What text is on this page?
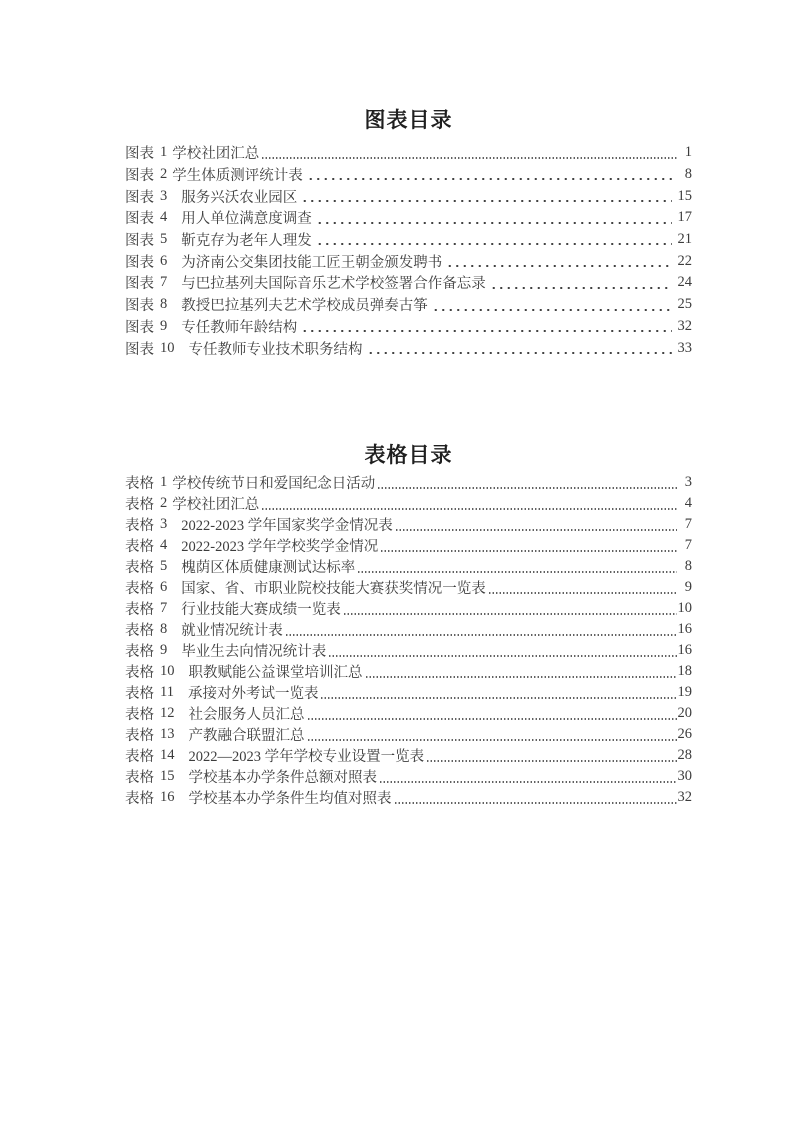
图表目录
图表 1 学校社团汇总	1
图表 2 学生体质测评统计表	8
图表 3 服务兴沃农业园区	15
图表 4 用人单位满意度调查	17
图表 5 靳克存为老年人理发	21
图表 6 为济南公交集团技能工匠王朝金颁发聘书	22
图表 7 与巴拉基列夫国际音乐艺术学校签署合作备忘录	24
图表 8 教授巴拉基列夫艺术学校成员弹奏古筝	25
图表 9 专任教师年龄结构	32
图表 10 专任教师专业技术职务结构	33
表格目录
表格 1 学校传统节日和爱国纪念日活动	3
表格 2 学校社团汇总	4
表格 3 2022-2023 学年国家奖学金情况表	7
表格 4 2022-2023 学年学校奖学金情况	7
表格 5 槐荫区体质健康测试达标率	8
表格 6 国家、省、市职业院校技能大赛获奖情况一览表	9
表格 7 行业技能大赛成绩一览表	10
表格 8 就业情况统计表	16
表格 9 毕业生去向情况统计表	16
表格 10 职教赋能公益课堂培训汇总	18
表格 11 承接对外考试一览表	19
表格 12 社会服务人员汇总	20
表格 13 产教融合联盟汇总	26
表格 14 2022—2023 学年学校专业设置一览表	28
表格 15 学校基本办学条件总额对照表	30
表格 16 学校基本办学条件生均值对照表	32
